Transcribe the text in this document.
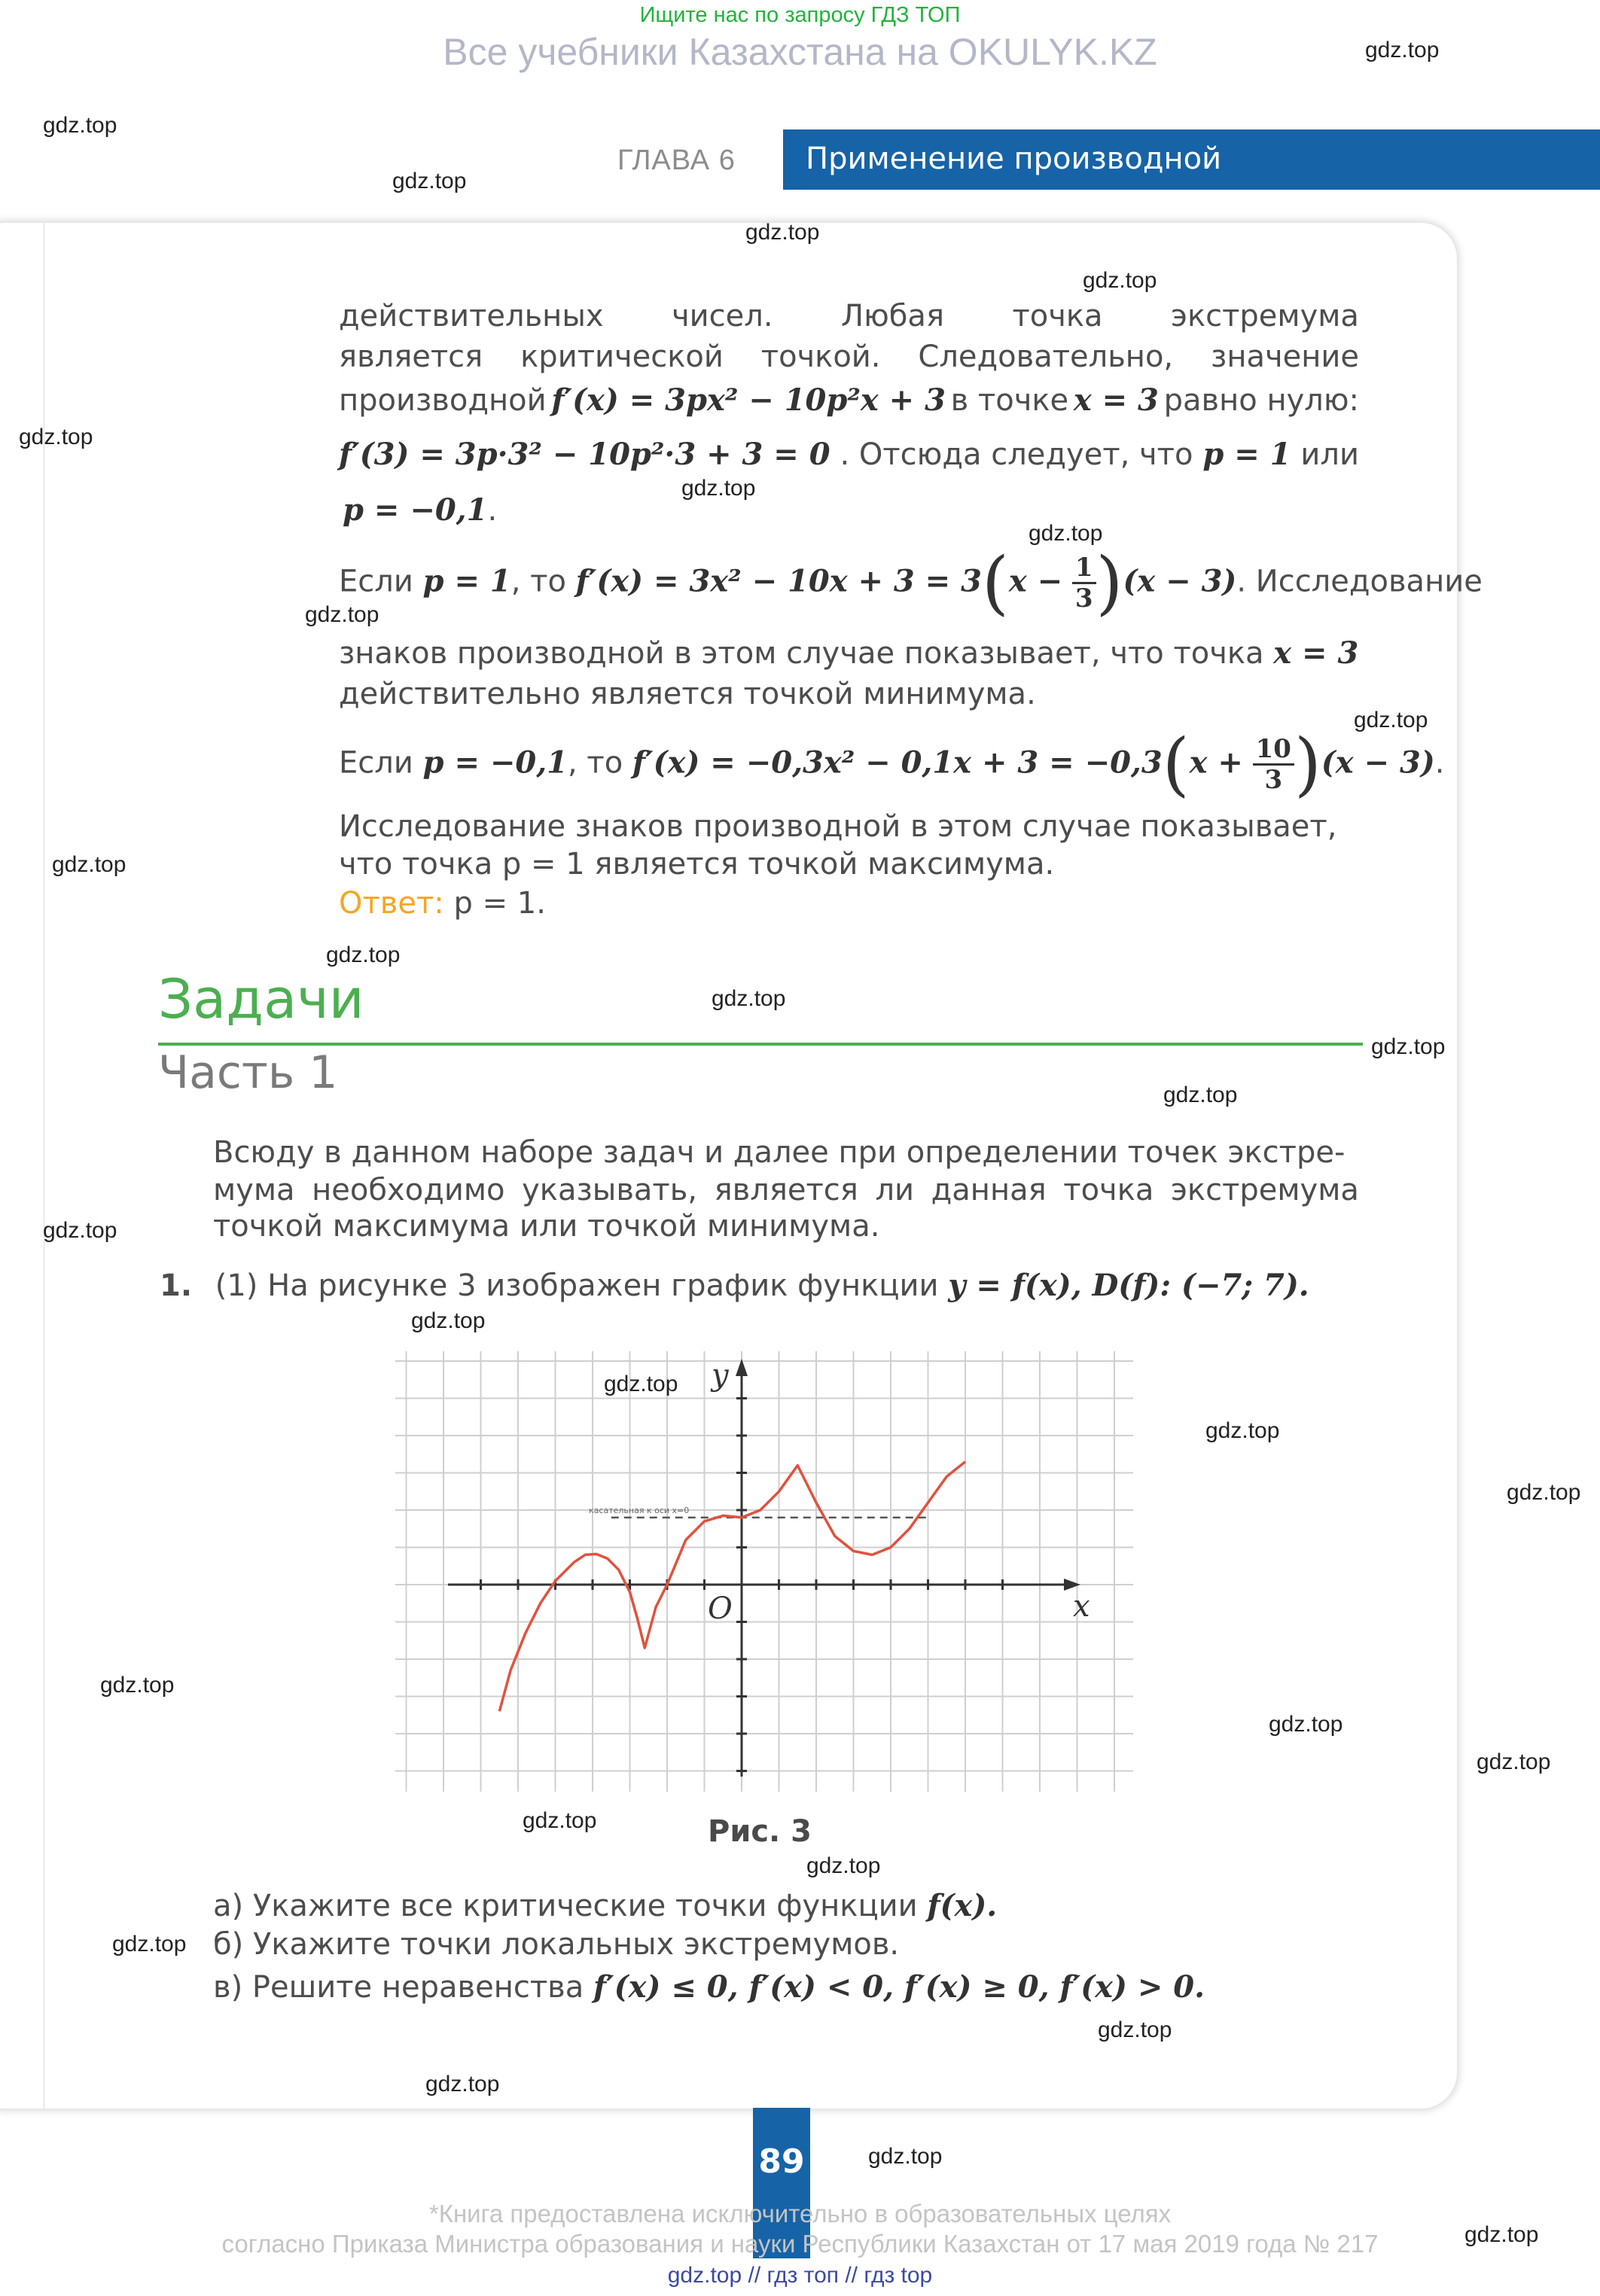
Ищите нас по запросу ГДЗ ТОП
Все учебники Казахстана на OKULYK.KZ
ГЛАВА 6 Применение производной
действительных чисел. Любая точка экстремума
является критической точкой. Следовательно, значение
производной f′(x) = 3px² − 10p²x + 3 в точке x = 3 равно нулю:
f′(3) = 3p·3² − 10p²·3 + 3 = 0 . Отсюда следует, что p = 1 или
p = −0,1.
Если p = 1, то $f'(x) = 3x^2 - 10x + 3 = 3(x - \frac{1}{3} )(x - 3)$. Исследование
знаков производной в этом случае показывает, что точка x = 3
действительно является точкой минимума.
Если p = −0,1, то $f'(x) = -0,3x^2 - 0,1x + 3 = -0,3(x + \frac{10}{3} )(x - 3)$.
Исследование знаков производной в этом случае показывает,
что точка p = 1 является точкой максимума.
Ответ: p = 1.
Задачи
Часть 1
Всюду в данном наборе задач и далее при определении точек экстре-
мума необходимо указывать, является ли данная точка экстремума
точкой максимума или точкой минимума.
1. (1) На рисунке 3 изображен график функции y = f(x), D(f): (−7; 7).
x
y
O
касательная к оси x=0
Рис. 3
а) Укажите все критические точки функции f(x).
б) Укажите точки локальных экстремумов.
в) Решите неравенства f′(x) ≤ 0, f′(x) < 0, f′(x) ≥ 0, f′(x) > 0.
89
*Книга предоставлена исключительно в образовательных целях
согласно Приказа Министра образования и науки Республики Казахстан от 17 мая 2019 года № 217
gdz.top // гдз топ // гдз top
gdz.top
gdz.top
gdz.top
gdz.top
gdz.top
gdz.top
gdz.top
gdz.top
gdz.top
gdz.top
gdz.top
gdz.top
gdz.top
gdz.top
gdz.top
gdz.top
gdz.top
gdz.top
gdz.top
gdz.top
gdz.top
gdz.top
gdz.top
gdz.top
gdz.top
gdz.top
gdz.top
gdz.top
gdz.top
gdz.top
